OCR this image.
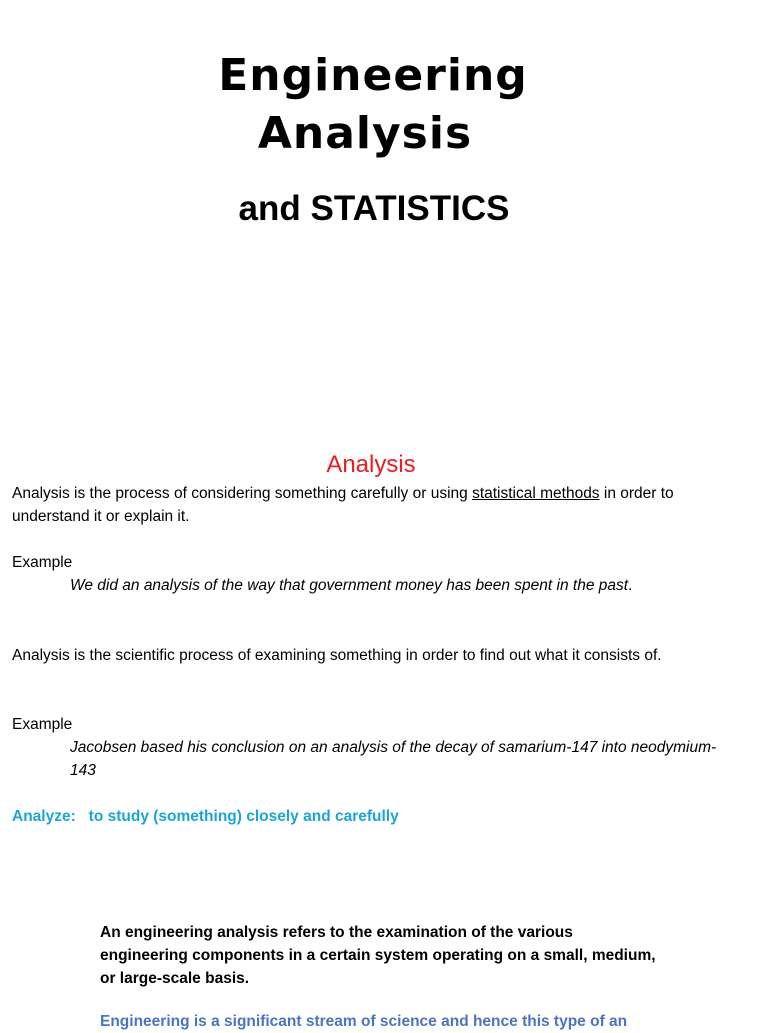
Engineering
Analysis
and STATISTICS
Analysis
Analysis is the process of considering something carefully or using statistical methods in order to understand it or explain it.
Example
We did an analysis of the way that government money has been spent in the past.
Analysis is the scientific process of examining something in order to find out what it consists of.
Example
Jacobsen based his conclusion on an analysis of the decay of samarium-147 into neodymium-143
Analyze:   to study (something) closely and carefully
An engineering analysis refers to the examination of the various engineering components in a certain system operating on a small, medium, or large-scale basis.
Engineering is a significant stream of science and hence this type of an
